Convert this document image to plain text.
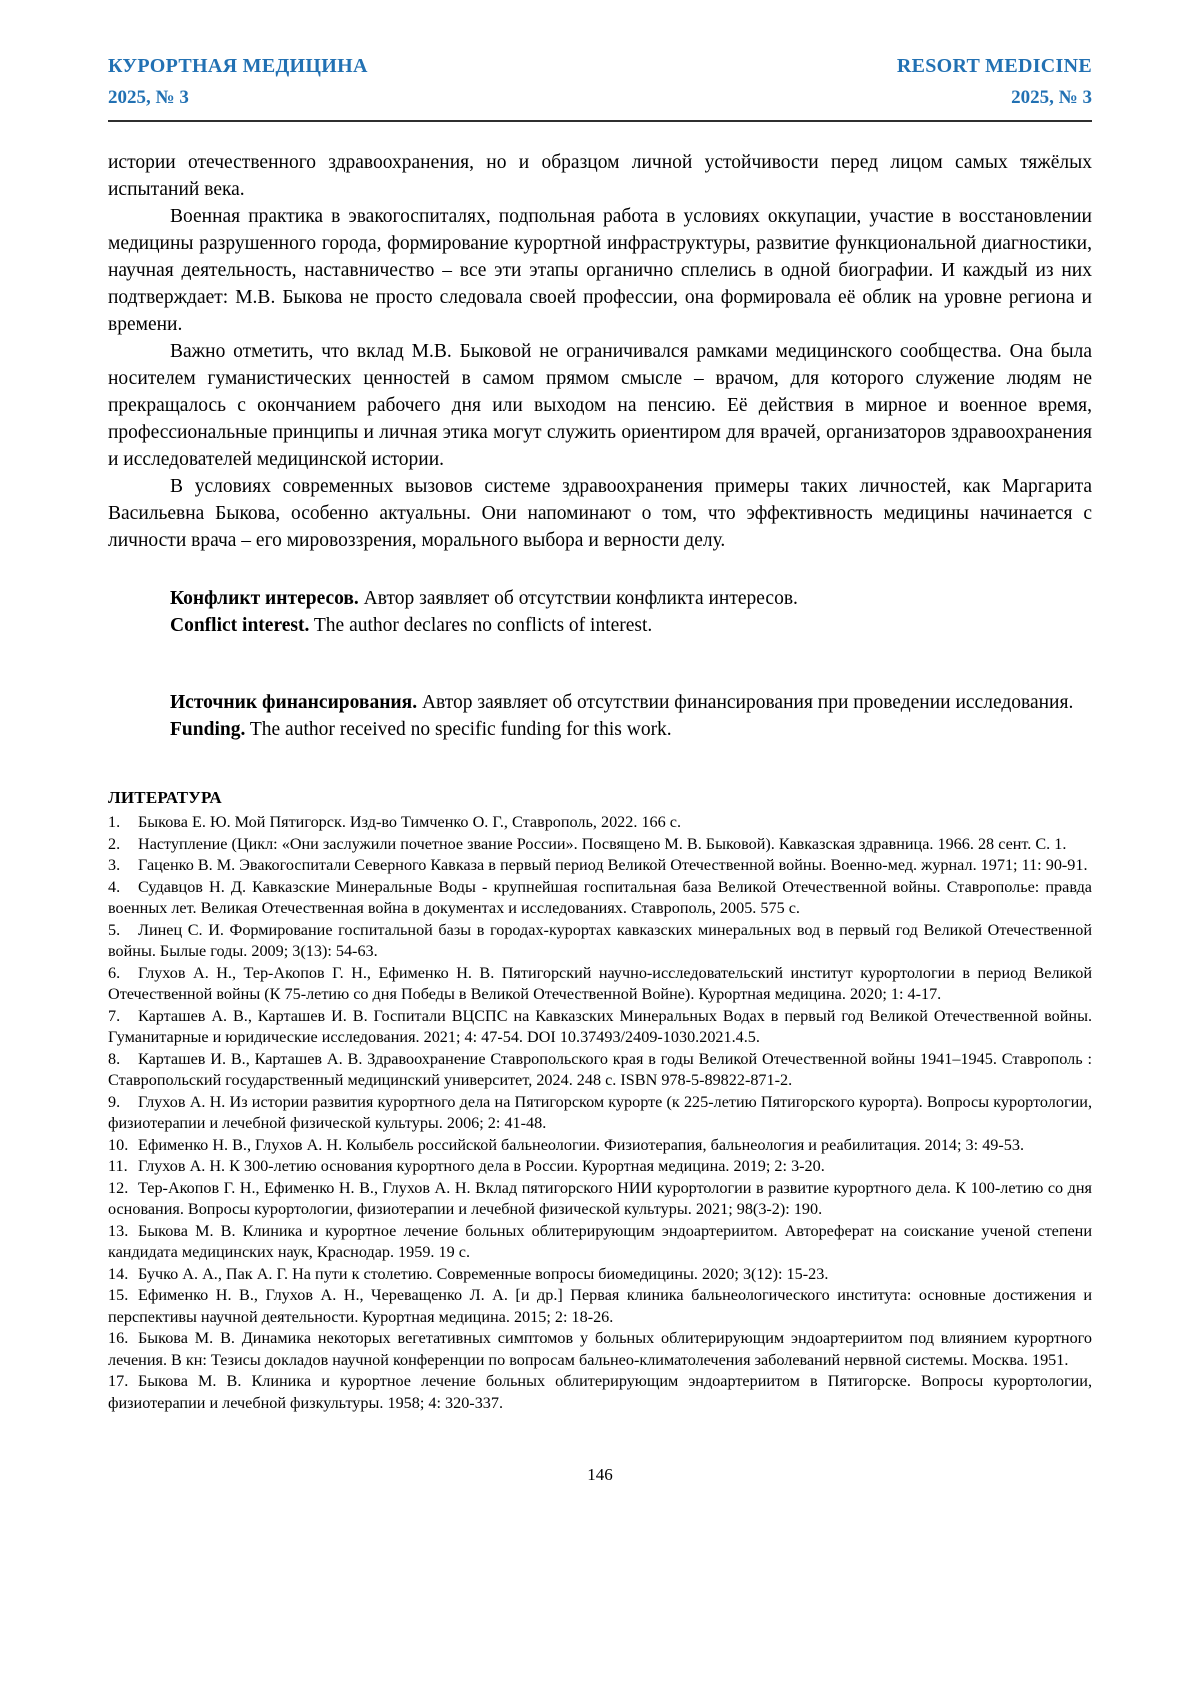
КУРОРТНАЯ МЕДИЦИНА	RESORT MEDICINE
2025, № 3	2025, № 3

истории отечественного здравоохранения, но и образцом личной устойчивости перед лицом самых тяжёлых испытаний века.

Военная практика в эвакогоспиталях, подпольная работа в условиях оккупации, участие в восстановлении медицины разрушенного города, формирование курортной инфраструктуры, развитие функциональной диагностики, научная деятельность, наставничество – все эти этапы органично сплелись в одной биографии. И каждый из них подтверждает: М.В. Быкова не просто следовала своей профессии, она формировала её облик на уровне региона и времени.

Важно отметить, что вклад М.В. Быковой не ограничивался рамками медицинского сообщества. Она была носителем гуманистических ценностей в самом прямом смысле – врачом, для которого служение людям не прекращалось с окончанием рабочего дня или выходом на пенсию. Её действия в мирное и военное время, профессиональные принципы и личная этика могут служить ориентиром для врачей, организаторов здравоохранения и исследователей медицинской истории.

В условиях современных вызовов системе здравоохранения примеры таких личностей, как Маргарита Васильевна Быкова, особенно актуальны. Они напоминают о том, что эффективность медицины начинается с личности врача – его мировоззрения, морального выбора и верности делу.

Конфликт интересов. Автор заявляет об отсутствии конфликта интересов.

Conflict interest. The author declares no conflicts of interest.

Источник финансирования. Автор заявляет об отсутствии финансирования при проведении исследования.

Funding. The author received no specific funding for this work.

ЛИТЕРАТУРА

1. Быкова Е. Ю. Мой Пятигорск. Изд-во Тимченко О. Г., Ставрополь, 2022. 166 с.

2. Наступление (Цикл: «Они заслужили почетное звание России». Посвящено М. В. Быковой). Кавказская здравница. 1966. 28 сент. С. 1.

3. Гаценко В. М. Эвакогоспитали Северного Кавказа в первый период Великой Отечественной войны. Военно-мед. журнал. 1971; 11: 90-91.

4. Судавцов Н. Д. Кавказские Минеральные Воды - крупнейшая госпитальная база Великой Отечественной войны. Ставрополье: правда военных лет. Великая Отечественная война в документах и исследованиях. Ставрополь, 2005. 575 с.

5. Линец С. И. Формирование госпитальной базы в городах-курортах кавказских минеральных вод в первый год Великой Отечественной войны. Былые годы. 2009; 3(13): 54-63.

6. Глухов А. Н., Тер-Акопов Г. Н., Ефименко Н. В. Пятигорский научно-исследовательский институт курортологии в период Великой Отечественной войны (К 75-летию со дня Победы в Великой Отечественной Войне). Курортная медицина. 2020; 1: 4-17.

7. Карташев А. В., Карташев И. В. Госпитали ВЦСПС на Кавказских Минеральных Водах в первый год Великой Отечественной войны. Гуманитарные и юридические исследования. 2021; 4: 47-54. DOI 10.37493/2409-1030.2021.4.5.

8. Карташев И. В., Карташев А. В. Здравоохранение Ставропольского края в годы Великой Отечественной войны 1941–1945. Ставрополь : Ставропольский государственный медицинский университет, 2024. 248 с. ISBN 978-5-89822-871-2.

9. Глухов А. Н. Из истории развития курортного дела на Пятигорском курорте (к 225-летию Пятигорского курорта). Вопросы курортологии, физиотерапии и лечебной физической культуры. 2006; 2: 41-48.

10. Ефименко Н. В., Глухов А. Н. Колыбель российской бальнеологии. Физиотерапия, бальнеология и реабилитация. 2014; 3: 49-53.

11. Глухов А. Н. К 300-летию основания курортного дела в России. Курортная медицина. 2019; 2: 3-20.

12. Тер-Акопов Г. Н., Ефименко Н. В., Глухов А. Н. Вклад пятигорского НИИ курортологии в развитие курортного дела. К 100-летию со дня основания. Вопросы курортологии, физиотерапии и лечебной физической культуры. 2021; 98(3-2): 190.

13. Быкова М. В. Клиника и курортное лечение больных облитерирующим эндоартериитом. Автореферат на соискание ученой степени кандидата медицинских наук, Краснодар. 1959. 19 с.

14. Бучко А. А., Пак А. Г. На пути к столетию. Современные вопросы биомедицины. 2020; 3(12): 15-23.

15. Ефименко Н. В., Глухов А. Н., Череващенко Л. А. [и др.] Первая клиника бальнеологического института: основные достижения и перспективы научной деятельности. Курортная медицина. 2015; 2: 18-26.

16. Быкова М. В. Динамика некоторых вегетативных симптомов у больных облитерирующим эндоартериитом под влиянием курортного лечения. В кн: Тезисы докладов научной конференции по вопросам бальнео-климатолечения заболеваний нервной системы. Москва. 1951.

17. Быкова М. В. Клиника и курортное лечение больных облитерирующим эндоартериитом в Пятигорске. Вопросы курортологии, физиотерапии и лечебной физкультуры. 1958; 4: 320-337.

146
